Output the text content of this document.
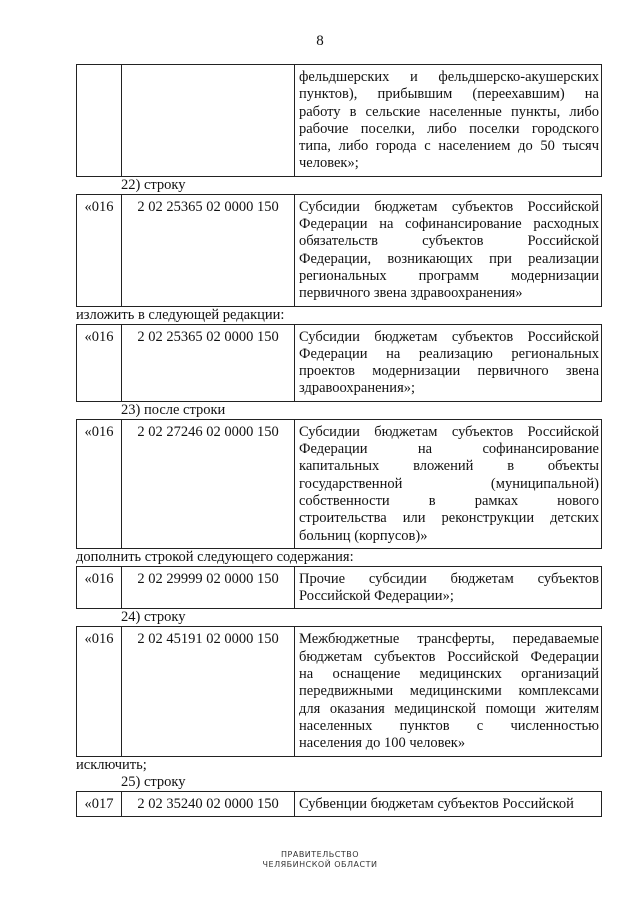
8

фельдшерских и фельдшерско-акушерских
пунктов), прибывшим (переехавшим) на
работу в сельские населенные пункты, либо
рабочие поселки, либо поселки городского
типа, либо города с населением до 50 тысяч
человек»;
22) строку
«016	2 02 25365 02 0000 150	Субсидии бюджетам субъектов Российской
Федерации на софинансирование расходных
обязательств субъектов Российской
Федерации, возникающих при реализации
региональных программ модернизации
первичного звена здравоохранения»
изложить в следующей редакции:
«016	2 02 25365 02 0000 150	Субсидии бюджетам субъектов Российской
Федерации на реализацию региональных
проектов модернизации первичного звена
здравоохранения»;
23) после строки
«016	2 02 27246 02 0000 150	Субсидии бюджетам субъектов Российской
Федерации на софинансирование
капитальных вложений в объекты
государственной (муниципальной)
собственности в рамках нового
строительства или реконструкции детских
больниц (корпусов)»
дополнить строкой следующего содержания:
«016	2 02 29999 02 0000 150	Прочие субсидии бюджетам субъектов
Российской Федерации»;
24) строку
«016	2 02 45191 02 0000 150	Межбюджетные трансферты, передаваемые
бюджетам субъектов Российской Федерации
на оснащение медицинских организаций
передвижными медицинскими комплексами
для оказания медицинской помощи жителям
населенных пунктов с численностью
населения до 100 человек»
исключить;
25) строку
«017	2 02 35240 02 0000 150	Субвенции бюджетам субъектов Российской
ПРАВИТЕЛЬСТВО
ЧЕЛЯБИНСКОЙ ОБЛАСТИ
